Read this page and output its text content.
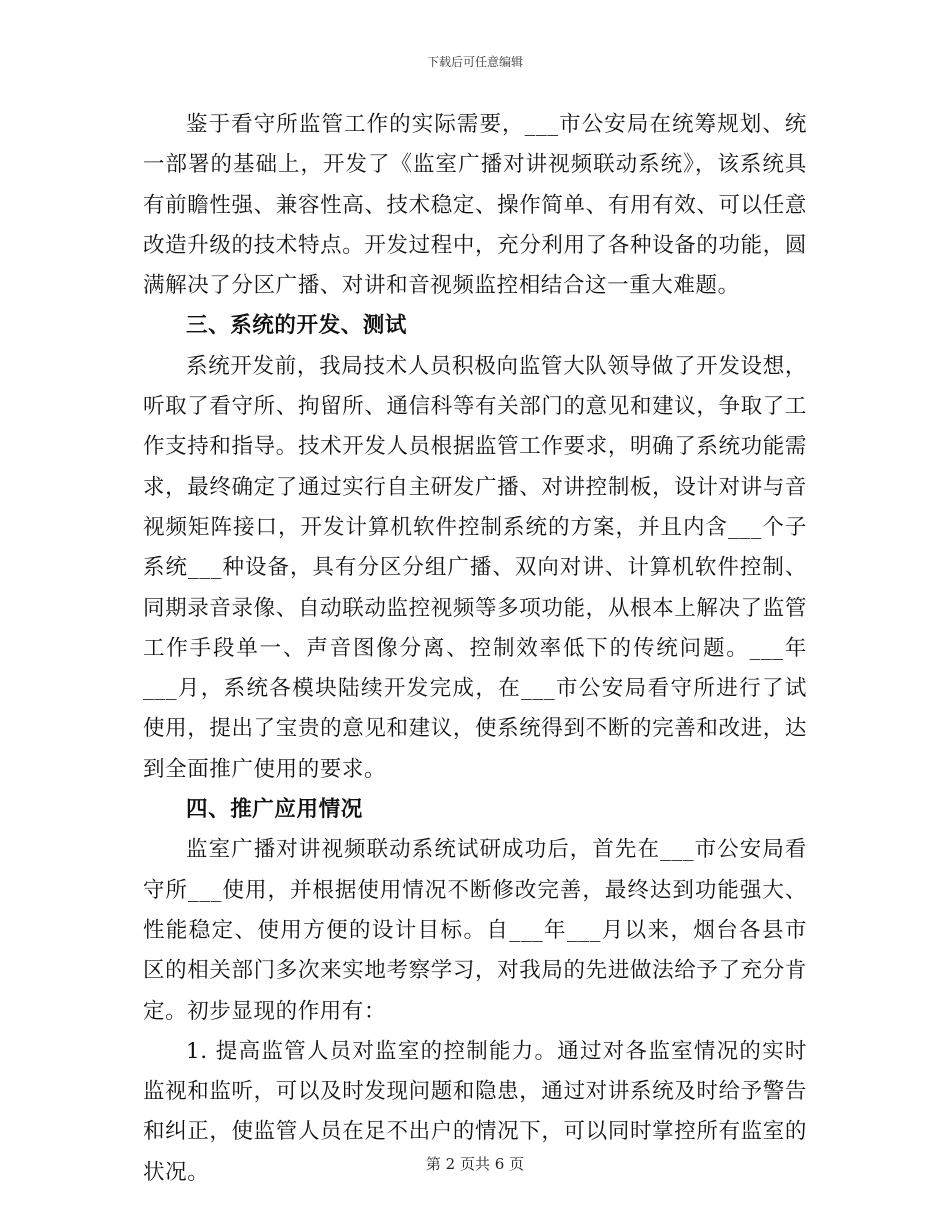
下载后可任意编辑

鉴于看守所监管工作的实际需要，___市公安局在统筹规划、统一部署的基础上，开发了《监室广播对讲视频联动系统》，该系统具有前瞻性强、兼容性高、技术稳定、操作简单、有用有效、可以任意改造升级的技术特点。开发过程中，充分利用了各种设备的功能，圆满解决了分区广播、对讲和音视频监控相结合这一重大难题。

三、系统的开发、测试

系统开发前，我局技术人员积极向监管大队领导做了开发设想，听取了看守所、拘留所、通信科等有关部门的意见和建议，争取了工作支持和指导。技术开发人员根据监管工作要求，明确了系统功能需求，最终确定了通过实行自主研发广播、对讲控制板，设计对讲与音视频矩阵接口，开发计算机软件控制系统的方案，并且内含___个子系统___种设备，具有分区分组广播、双向对讲、计算机软件控制、同期录音录像、自动联动监控视频等多项功能，从根本上解决了监管工作手段单一、声音图像分离、控制效率低下的传统问题。___年___月，系统各模块陆续开发完成，在___市公安局看守所进行了试使用，提出了宝贵的意见和建议，使系统得到不断的完善和改进，达到全面推广使用的要求。

四、推广应用情况

监室广播对讲视频联动系统试研成功后，首先在___市公安局看守所___使用，并根据使用情况不断修改完善，最终达到功能强大、性能稳定、使用方便的设计目标。自___年___月以来，烟台各县市区的相关部门多次来实地考察学习，对我局的先进做法给予了充分肯定。初步显现的作用有：

1. 提高监管人员对监室的控制能力。通过对各监室情况的实时监视和监听，可以及时发现问题和隐患，通过对讲系统及时给予警告和纠正，使监管人员在足不出户的情况下，可以同时掌控所有监室的状况。	第 2 页共 6 页
